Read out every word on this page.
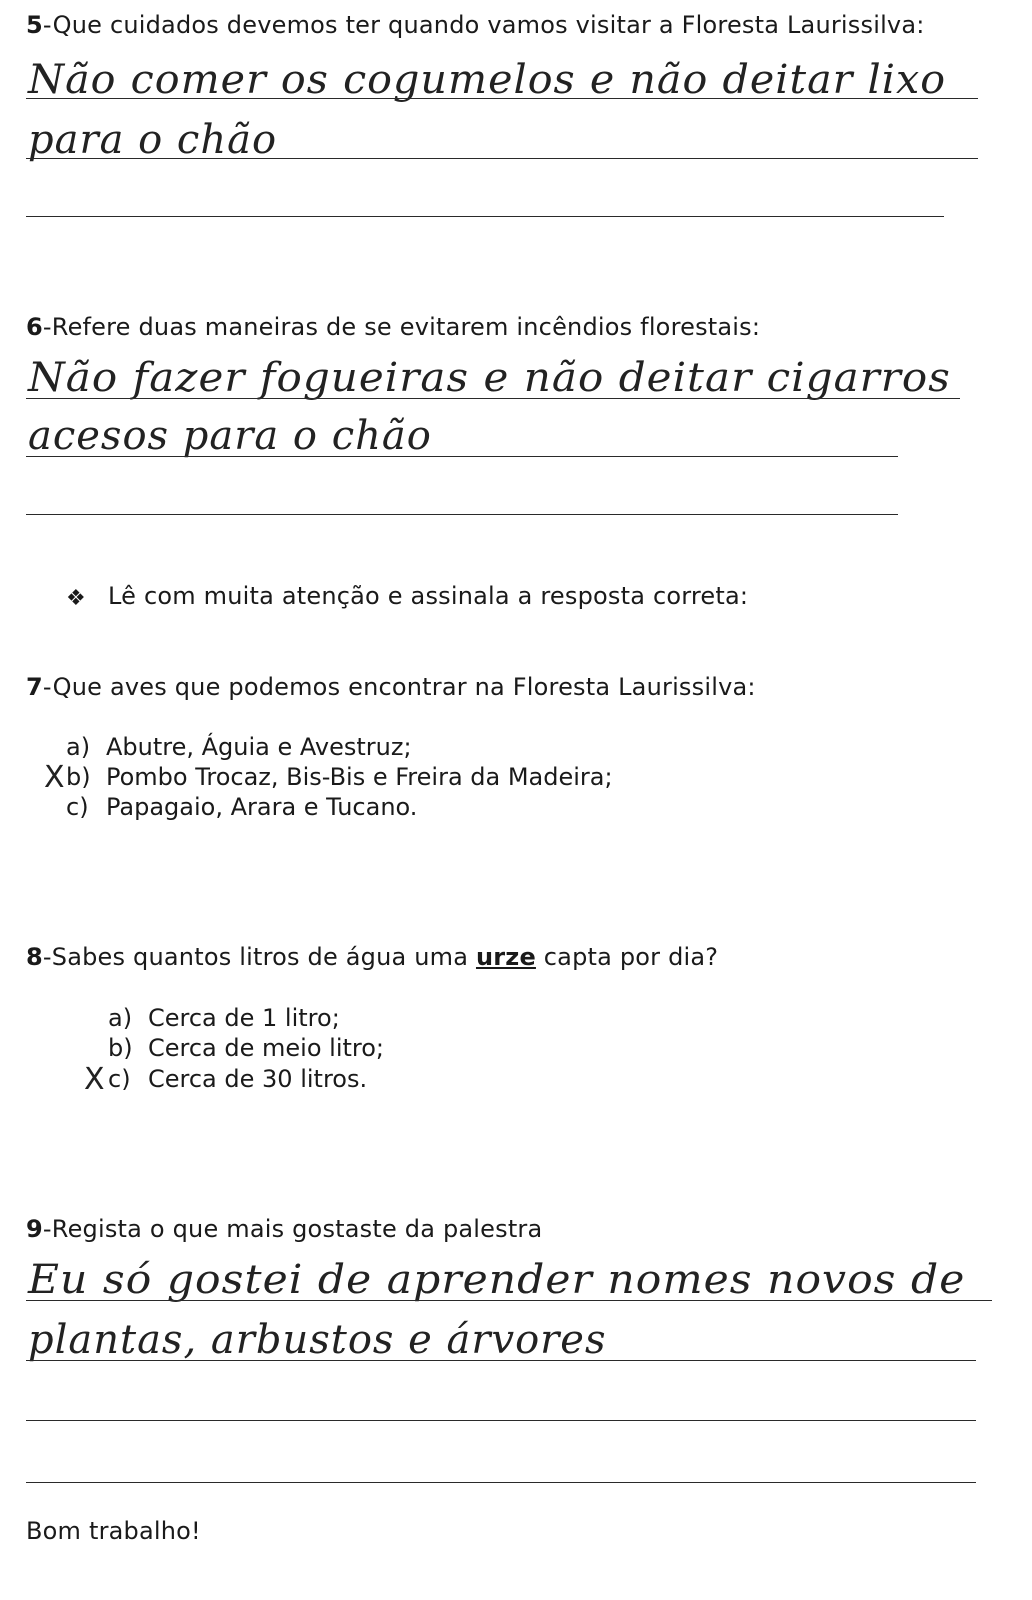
5-Que cuidados devemos ter quando vamos visitar a Floresta Laurissilva:
Não comer os cogumelos e não deitar lixo
para o chão
6-Refere duas maneiras de se evitarem incêndios florestais:
Não fazer fogueiras e não deitar cigarros
acesos para o chão
❖ Lê com muita atenção e assinala a resposta correta:
7-Que aves que podemos encontrar na Floresta Laurissilva:
a) Abutre, Águia e Avestruz;
X b) Pombo Trocaz, Bis-Bis e Freira da Madeira;
c) Papagaio, Arara e Tucano.
8-Sabes quantos litros de água uma urze capta por dia?
a) Cerca de 1 litro;
b) Cerca de meio litro;
X c) Cerca de 30 litros.
9-Regista o que mais gostaste da palestra
Eu só gostei de aprender nomes novos de
plantas, arbustos e árvores
Bom trabalho!
